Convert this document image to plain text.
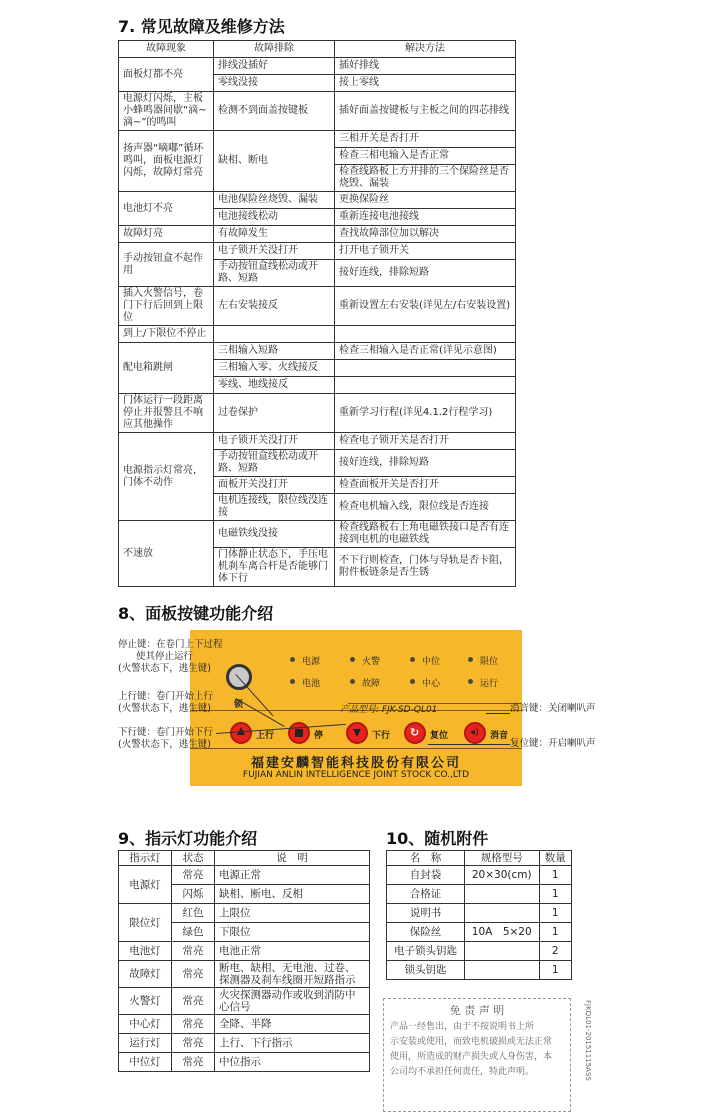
7. 常见故障及维修方法
故障现象	故障排除	解决方法
面板灯都不亮	排线没插好	插好排线
	零线没接	接上零线
电源灯闪烁，主板小蜂鸣器间歇“滴~滴~”的鸣叫	检测不到面盖按键板	插好面盖按键板与主板之间的四芯排线
扬声器“嘀嘟”循环鸣叫，面板电源灯闪烁，故障灯常亮	缺相、断电	三相开关是否打开
		检查三相电输入是否正常
		检查线路板上方并排的三个保险丝是否烧毁、漏装
电池灯不亮	电池保险丝烧毁、漏装	更换保险丝
	电池接线松动	重新连接电池接线
故障灯亮	有故障发生	查找故障部位加以解决
手动按钮盒不起作用	电子锁开关没打开	打开电子锁开关
	手动按钮盒线松动或开路、短路	接好连线，排除短路
插入火警信号，卷门下行后回到上限位	左右安装接反	重新设置左右安装(详见左/右安装设置)
到上/下限位不停止		
配电箱跳闸	三相输入短路	检查三相输入是否正常(详见示意图)
	三相输入零、火线接反	
	零线、地线接反	
门体运行一段距离停止并报警且不响应其他操作	过卷保护	重新学习行程(详见4.1.2行程学习)
电源指示灯常亮，门体不动作	电子锁开关没打开	检查电子锁开关是否打开
	手动按钮盒线松动或开路、短路	接好连线，排除短路
	面板开关没打开	检查面板开关是否打开
	电机连接线，限位线没连接	检查电机输入线，限位线是否连接
不速放	电磁铁线没接	检查线路板右上角电磁铁接口是否有连接到电机的电磁铁线
	门体静止状态下，手压电机刹车离合杆是否能够门体下行	不下行则检查，门体与导轨是否卡阻，附件板链条是否生锈
8、面板按键功能介绍
锁	产品型号: FJK-SD-QL01
上行	停	下行 ↻ 复位 ◂) 消音
福建安麟智能科技股份有限公司
FUJIAN ANLIN INTELLIGENCE JOINT STOCK CO.,LTD
电源	火警	中位	限位
电池	故障	中心	运行
停止键：在卷门上下过程
使其停止运行
(火警状态下，逃生键)
上行键：卷门开始上行
(火警状态下，逃生键)
下行键：卷门开始下行
(火警状态下，逃生键)
消音键：关闭喇叭声
复位键：开启喇叭声
9、指示灯功能介绍
指示灯	状态	说　明
电源灯	常亮	电源正常
	闪烁	缺相、断电、反相
限位灯	红色	上限位
	绿色	下限位
电池灯	常亮	电池正常
故障灯	常亮	断电、缺相、无电池、过卷、探测器及刹车线圈开短路指示
火警灯	常亮	火灾探测器动作或收到消防中心信号
中心灯	常亮	全降、半降
运行灯	常亮	上行、下行指示
中位灯	常亮	中位指示
10、随机附件
名　称	规格型号	数量
自封袋	20×30(cm)	1
合格证		1
说明书		1
保险丝	10A　5×20	1
电子锁头钥匙		2
锁头钥匙		1
免 责 声 明
产品一经售出，由于不按说明书上所
示安装或使用，而致电机破损或无法正常
使用，所造成的财产损失或人身伤害，本
公司均不承担任何责任，特此声明。	FJKQL01-20151115ASS
